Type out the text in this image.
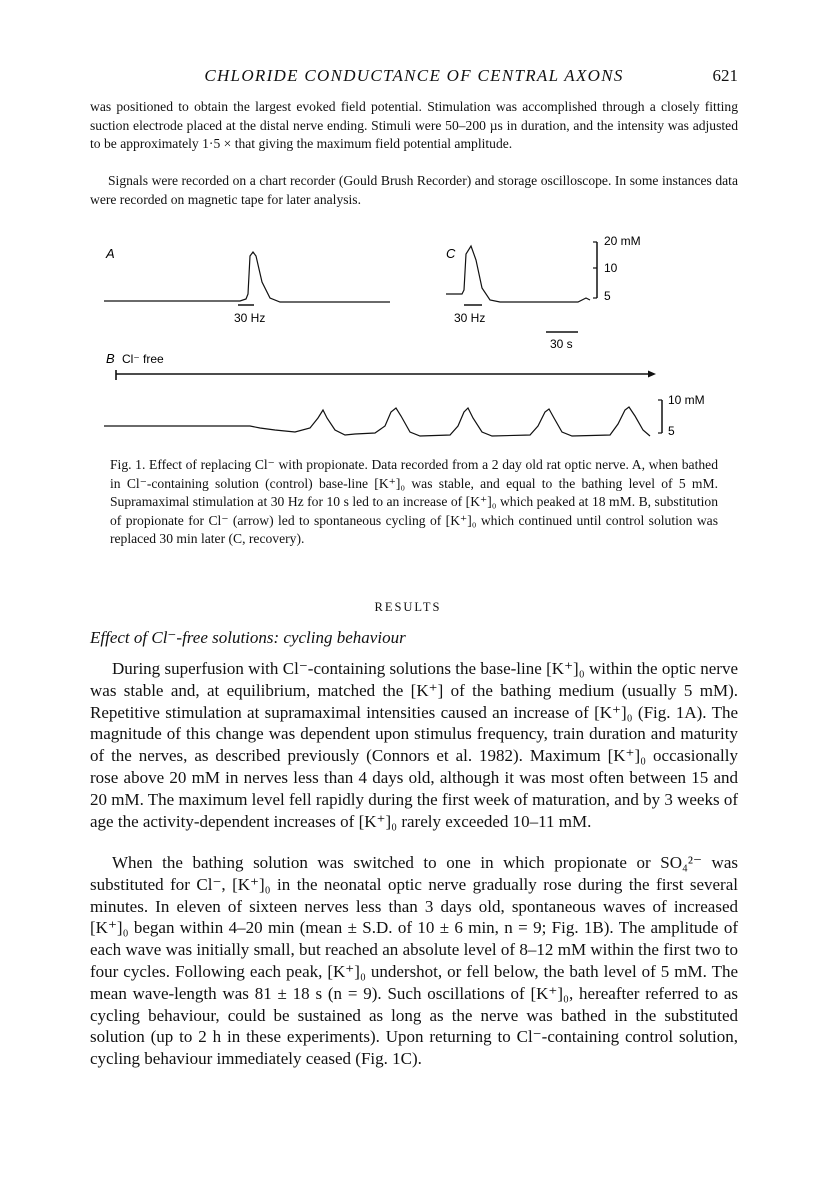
CHLORIDE CONDUCTANCE OF CENTRAL AXONS	621

was positioned to obtain the largest evoked field potential. Stimulation was accomplished through a closely fitting suction electrode placed at the distal nerve ending. Stimuli were 50–200 µs in duration, and the intensity was adjusted to be approximately 1·5 × that giving the maximum field potential amplitude.

Signals were recorded on a chart recorder (Gould Brush Recorder) and storage oscilloscope. In some instances data were recorded on magnetic tape for later analysis.

A
30 Hz
C
30 Hz
20 mM
10
5
30 s
B Cl⁻ free
10 mM
5

Fig. 1. Effect of replacing Cl⁻ with propionate. Data recorded from a 2 day old rat optic nerve. A, when bathed in Cl⁻-containing solution (control) base-line [K⁺]₀ was stable, and equal to the bathing level of 5 mM. Supramaximal stimulation at 30 Hz for 10 s led to an increase of [K⁺]₀ which peaked at 18 mM. B, substitution of propionate for Cl⁻ (arrow) led to spontaneous cycling of [K⁺]₀ which continued until control solution was replaced 30 min later (C, recovery).

RESULTS

Effect of Cl⁻-free solutions: cycling behaviour

During superfusion with Cl⁻-containing solutions the base-line [K⁺]₀ within the optic nerve was stable and, at equilibrium, matched the [K⁺] of the bathing medium (usually 5 mM). Repetitive stimulation at supramaximal intensities caused an increase of [K⁺]₀ (Fig. 1A). The magnitude of this change was dependent upon stimulus frequency, train duration and maturity of the nerves, as described previously (Connors et al. 1982). Maximum [K⁺]₀ occasionally rose above 20 mM in nerves less than 4 days old, although it was most often between 15 and 20 mM. The maximum level fell rapidly during the first week of maturation, and by 3 weeks of age the activity-dependent increases of [K⁺]₀ rarely exceeded 10–11 mM.

When the bathing solution was switched to one in which propionate or SO₄²⁻ was substituted for Cl⁻, [K⁺]₀ in the neonatal optic nerve gradually rose during the first several minutes. In eleven of sixteen nerves less than 3 days old, spontaneous waves of increased [K⁺]₀ began within 4–20 min (mean ± S.D. of 10 ± 6 min, n = 9; Fig. 1B). The amplitude of each wave was initially small, but reached an absolute level of 8–12 mM within the first two to four cycles. Following each peak, [K⁺]₀ undershot, or fell below, the bath level of 5 mM. The mean wave-length was 81 ± 18 s (n = 9). Such oscillations of [K⁺]₀, hereafter referred to as cycling behaviour, could be sustained as long as the nerve was bathed in the substituted solution (up to 2 h in these experiments). Upon returning to Cl⁻-containing control solution, cycling behaviour immediately ceased (Fig. 1C).
